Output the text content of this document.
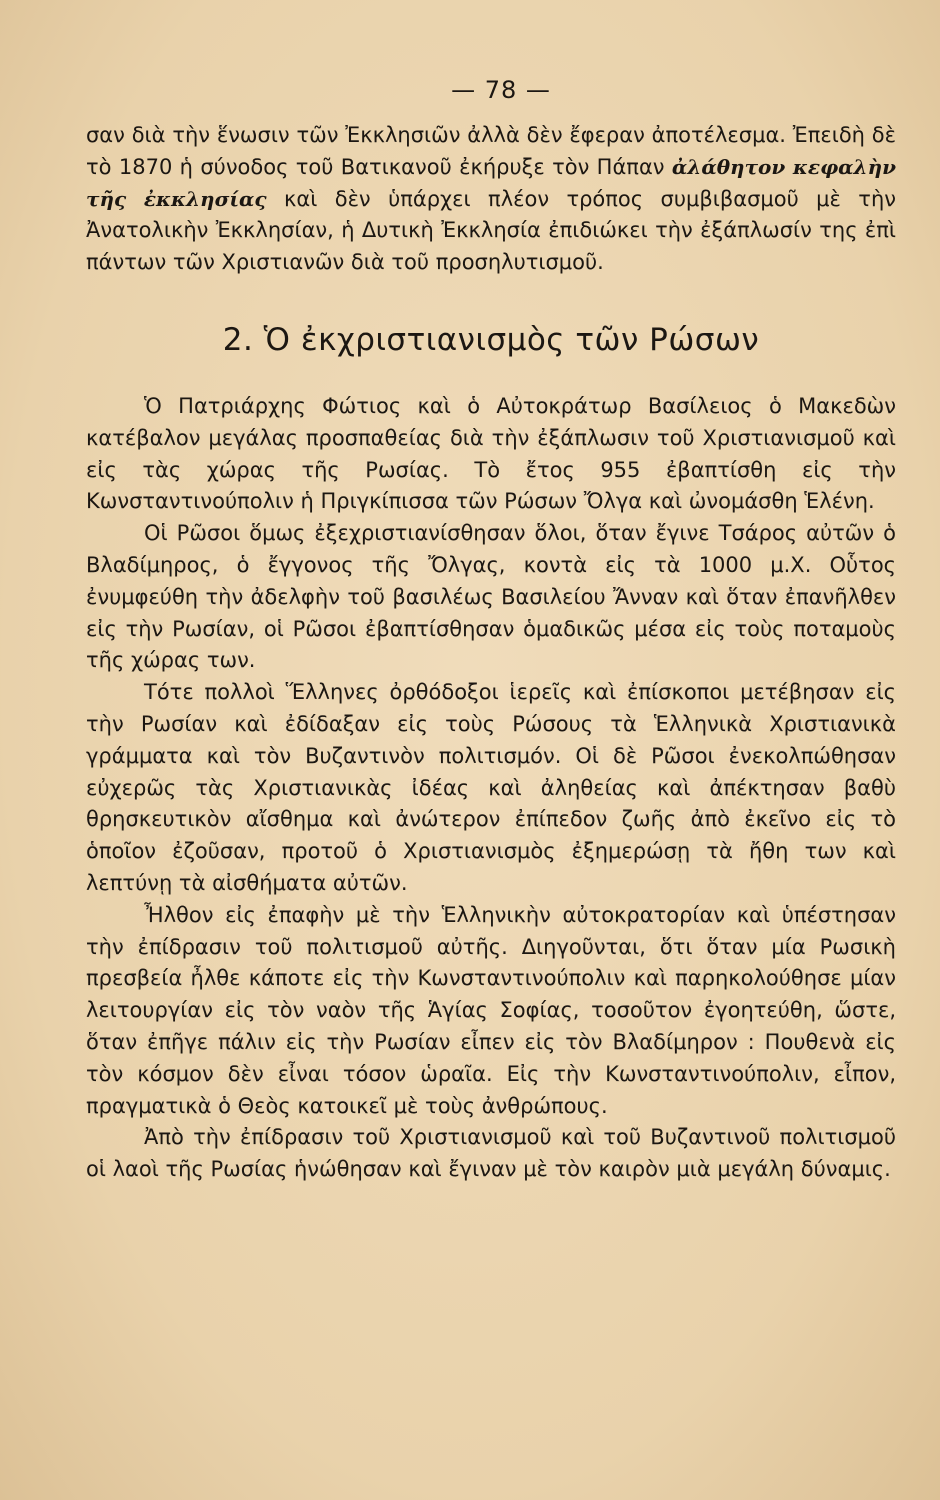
— 78 —

σαν διὰ τὴν ἕνωσιν τῶν Ἐκκλησιῶν ἀλλὰ δὲν ἔφεραν ἀποτέλεσμα. Ἐπειδὴ δὲ τὸ 1870 ἡ σύνοδος τοῦ Βατικανοῦ ἐκήρυξε τὸν Πάπαν ἀλάθητον κεφαλὴν τῆς ἐκκλησίας καὶ δὲν ὑπάρχει πλέον τρόπος συμβιβασμοῦ μὲ τὴν Ἀνατολικὴν Ἐκκλησίαν, ἡ Δυτικὴ Ἐκκλησία ἐπιδιώκει τὴν ἐξάπλωσίν της ἐπὶ πάντων τῶν Χριστιανῶν διὰ τοῦ προσηλυτισμοῦ.

2. Ὁ ἐκχριστιανισμὸς τῶν Ρώσων

Ὁ Πατριάρχης Φώτιος καὶ ὁ Αὐτοκράτωρ Βασίλειος ὁ Μακεδὼν κατέβαλον μεγάλας προσπαθείας διὰ τὴν ἐξάπλωσιν τοῦ Χριστιανισμοῦ καὶ εἰς τὰς χώρας τῆς Ρωσίας. Τὸ ἔτος 955 ἐβαπτίσθη εἰς τὴν Κωνσταντινούπολιν ἡ Πριγκίπισσα τῶν Ρώσων Ὄλγα καὶ ὠνομάσθη Ἑλένη.

Οἱ Ρῶσοι ὅμως ἐξεχριστιανίσθησαν ὅλοι, ὅταν ἔγινε Τσάρος αὐτῶν ὁ Βλαδίμηρος, ὁ ἔγγονος τῆς Ὄλγας, κοντὰ εἰς τὰ 1000 μ.Χ. Οὗτος ἐνυμφεύθη τὴν ἀδελφὴν τοῦ βασιλέως Βασιλείου Ἄνναν καὶ ὅταν ἐπανῆλθεν εἰς τὴν Ρωσίαν, οἱ Ρῶσοι ἐβαπτίσθησαν ὁμαδικῶς μέσα εἰς τοὺς ποταμοὺς τῆς χώρας των.

Τότε πολλοὶ Ἕλληνες ὀρθόδοξοι ἱερεῖς καὶ ἐπίσκοποι μετέβησαν εἰς τὴν Ρωσίαν καὶ ἐδίδαξαν εἰς τοὺς Ρώσους τὰ Ἑλληνικὰ Χριστιανικὰ γράμματα καὶ τὸν Βυζαντινὸν πολιτισμόν. Οἱ δὲ Ρῶσοι ἐνεκολπώθησαν εὐχερῶς τὰς Χριστιανικὰς ἰδέας καὶ ἀληθείας καὶ ἀπέκτησαν βαθὺ θρησκευτικὸν αἴσθημα καὶ ἀνώτερον ἐπίπεδον ζωῆς ἀπὸ ἐκεῖνο εἰς τὸ ὁποῖον ἐζοῦσαν, προτοῦ ὁ Χριστιανισμὸς ἐξημερώσῃ τὰ ἤθη των καὶ λεπτύνῃ τὰ αἰσθήματα αὐτῶν.

Ἦλθον εἰς ἐπαφὴν μὲ τὴν Ἑλληνικὴν αὐτοκρατορίαν καὶ ὑπέστησαν τὴν ἐπίδρασιν τοῦ πολιτισμοῦ αὐτῆς. Διηγοῦνται, ὅτι ὅταν μία Ρωσικὴ πρεσβεία ἦλθε κάποτε εἰς τὴν Κωνσταντινούπολιν καὶ παρηκολούθησε μίαν λειτουργίαν εἰς τὸν ναὸν τῆς Ἁγίας Σοφίας, τοσοῦτον ἐγοητεύθη, ὥστε, ὅταν ἐπῆγε πάλιν εἰς τὴν Ρωσίαν εἶπεν εἰς τὸν Βλαδίμηρον : Πουθενὰ εἰς τὸν κόσμον δὲν εἶναι τόσον ὡραῖα. Εἰς τὴν Κωνσταντινούπολιν, εἶπον, πραγματικὰ ὁ Θεὸς κατοικεῖ μὲ τοὺς ἀνθρώπους.

Ἀπὸ τὴν ἐπίδρασιν τοῦ Χριστιανισμοῦ καὶ τοῦ Βυζαντινοῦ πολιτισμοῦ οἱ λαοὶ τῆς Ρωσίας ἡνώθησαν καὶ ἔγιναν μὲ τὸν καιρὸν μιὰ μεγάλη δύναμις.
